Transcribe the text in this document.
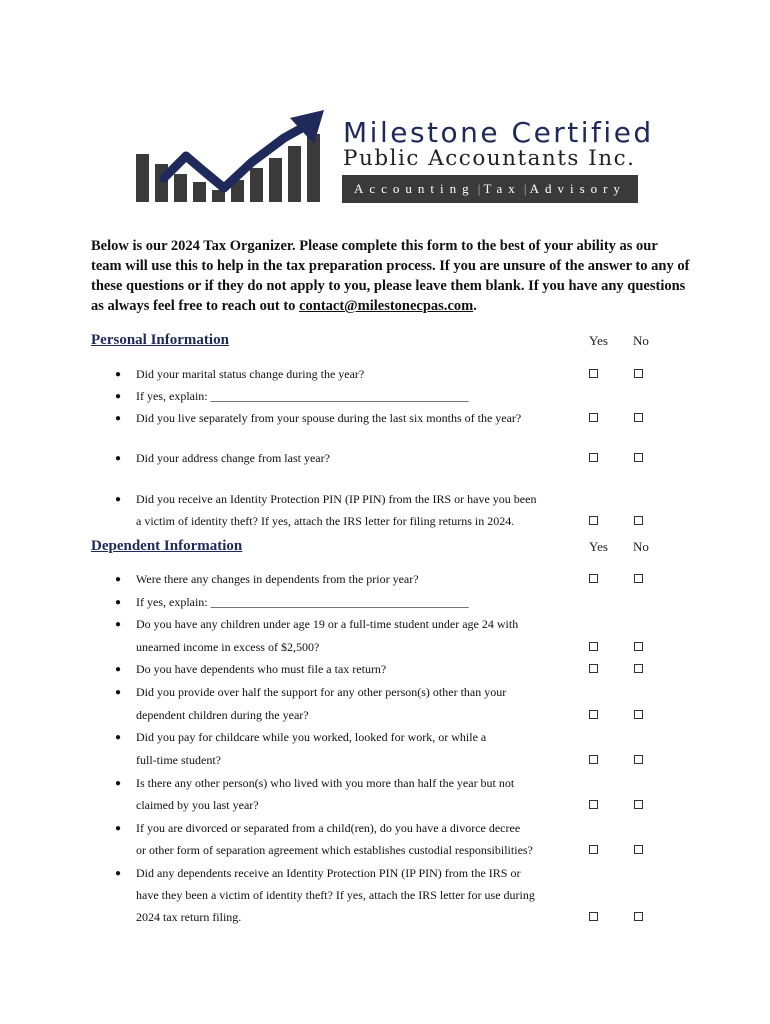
Milestone Certified
Public Accountants Inc.
Accounting | Tax | Advisory

Below is our 2024 Tax Organizer. Please complete this form to the best of your ability as our team will use this to help in the tax preparation process. If you are unsure of the answer to any of these questions or if they do not apply to you, please leave them blank. If you have any questions as always feel free to reach out to contact@milestonecpas.com.

Personal Information	Yes No
● Did your marital status change during the year?
● If yes, explain: ___________________________________________
● Did you live separately from your spouse during the last six months of the year?
● Did your address change from last year?
● Did you receive an Identity Protection PIN (IP PIN) from the IRS or have you been
a victim of identity theft? If yes, attach the IRS letter for filing returns in 2024.
Dependent Information	Yes No
● Were there any changes in dependents from the prior year?
● If yes, explain: ___________________________________________
● Do you have any children under age 19 or a full-time student under age 24 with
unearned income in excess of $2,500?
● Do you have dependents who must file a tax return?
● Did you provide over half the support for any other person(s) other than your
dependent children during the year?
● Did you pay for childcare while you worked, looked for work, or while a
full-time student?
● Is there any other person(s) who lived with you more than half the year but not
claimed by you last year?
● If you are divorced or separated from a child(ren), do you have a divorce decree
or other form of separation agreement which establishes custodial responsibilities?
● Did any dependents receive an Identity Protection PIN (IP PIN) from the IRS or
have they been a victim of identity theft? If yes, attach the IRS letter for use during
2024 tax return filing.
